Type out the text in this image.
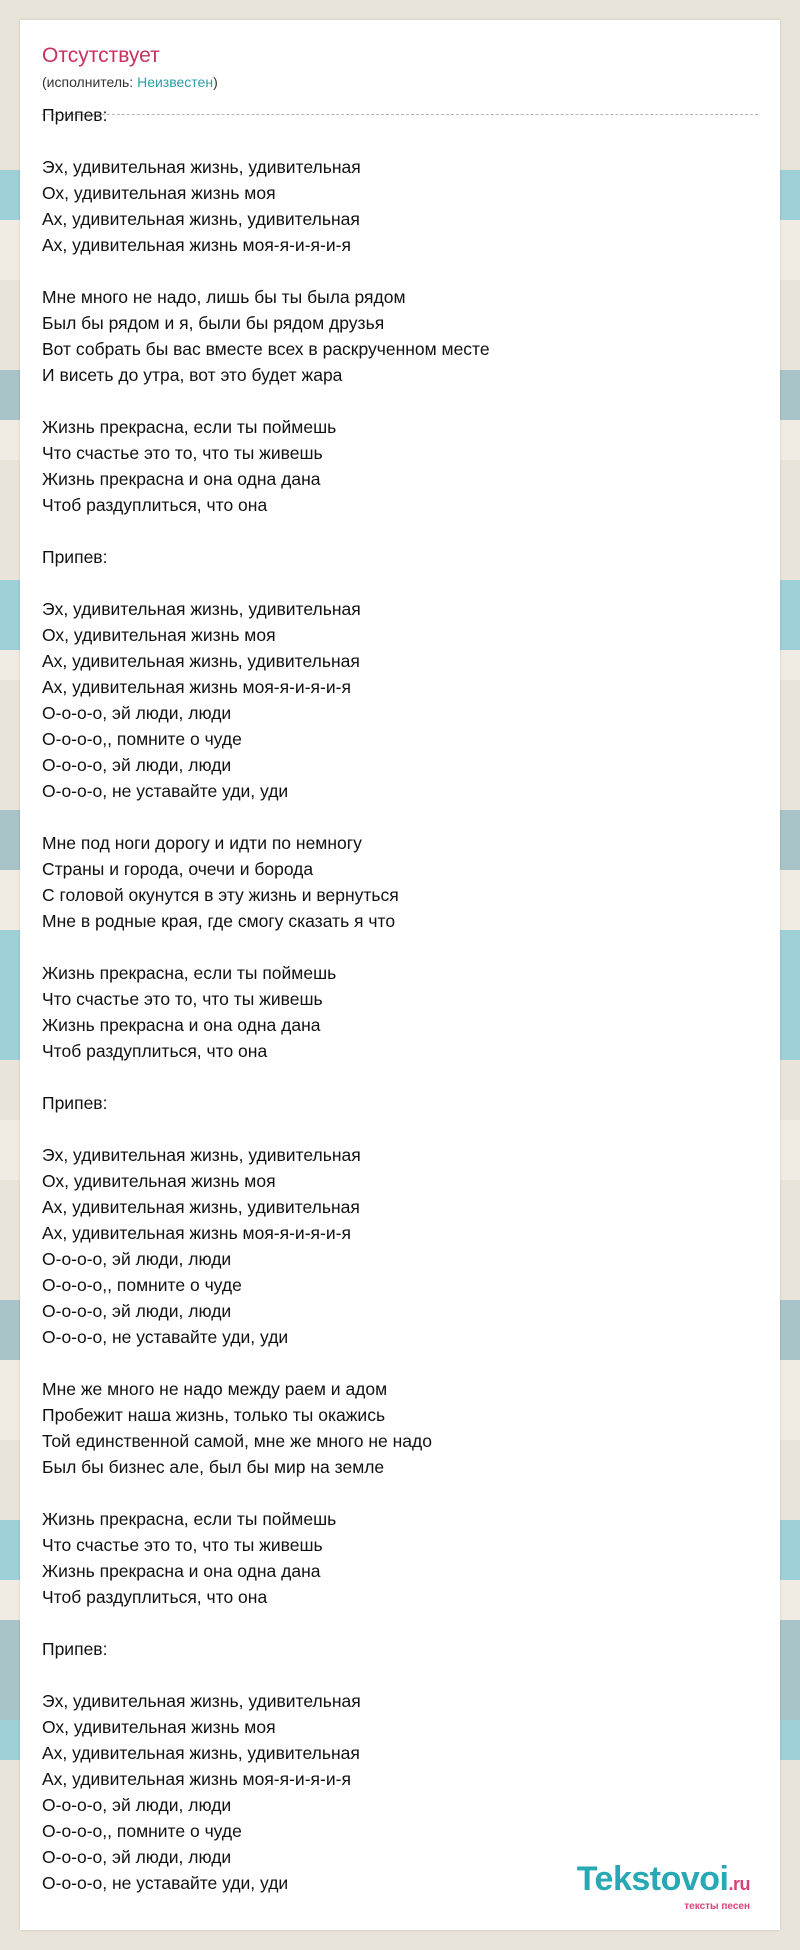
Отсутствует
(исполнитель: Неизвестен)
Припев:
Эх, удивительная жизнь, удивительная
Ох, удивительная жизнь моя
Ах, удивительная жизнь, удивительная
Ах, удивительная жизнь моя-я-и-я-и-я
Мне много не надо, лишь бы ты была рядом
Был бы рядом и я, были бы рядом друзья
Вот собрать бы вас вместе всех в раскрученном месте
И висеть до утра, вот это будет жара
Жизнь прекрасна, если ты поймешь
Что счастье это то, что ты живешь
Жизнь прекрасна и она одна дана
Чтоб раздуплиться, что она
Припев:
Эх, удивительная жизнь, удивительная
Ох, удивительная жизнь моя
Ах, удивительная жизнь, удивительная
Ах, удивительная жизнь моя-я-и-я-и-я
О-о-о-о, эй люди, люди
О-о-о-о,, помните о чуде
О-о-о-о, эй люди, люди
О-о-о-о, не уставайте уди, уди
Мне под ноги дорогу и идти по немногу
Страны и города, очечи и борода
С головой окунутся в эту жизнь и вернуться
Мне в родные края, где смогу сказать я что
Жизнь прекрасна, если ты поймешь
Что счастье это то, что ты живешь
Жизнь прекрасна и она одна дана
Чтоб раздуплиться, что она
Припев:
Эх, удивительная жизнь, удивительная
Ох, удивительная жизнь моя
Ах, удивительная жизнь, удивительная
Ах, удивительная жизнь моя-я-и-я-и-я
О-о-о-о, эй люди, люди
О-о-о-о,, помните о чуде
О-о-о-о, эй люди, люди
О-о-о-о, не уставайте уди, уди
Мне же много не надо между раем и адом
Пробежит наша жизнь, только ты окажись
Той единственной самой, мне же много не надо
Был бы бизнес але, был бы мир на земле
Жизнь прекрасна, если ты поймешь
Что счастье это то, что ты живешь
Жизнь прекрасна и она одна дана
Чтоб раздуплиться, что она
Припев:
Эх, удивительная жизнь, удивительная
Ох, удивительная жизнь моя
Ах, удивительная жизнь, удивительная
Ах, удивительная жизнь моя-я-и-я-и-я
О-о-о-о, эй люди, люди
О-о-о-о,, помните о чуде
О-о-о-о, эй люди, люди
О-о-о-о, не уставайте уди, уди	Tekstovoi.ru
тексты песен
